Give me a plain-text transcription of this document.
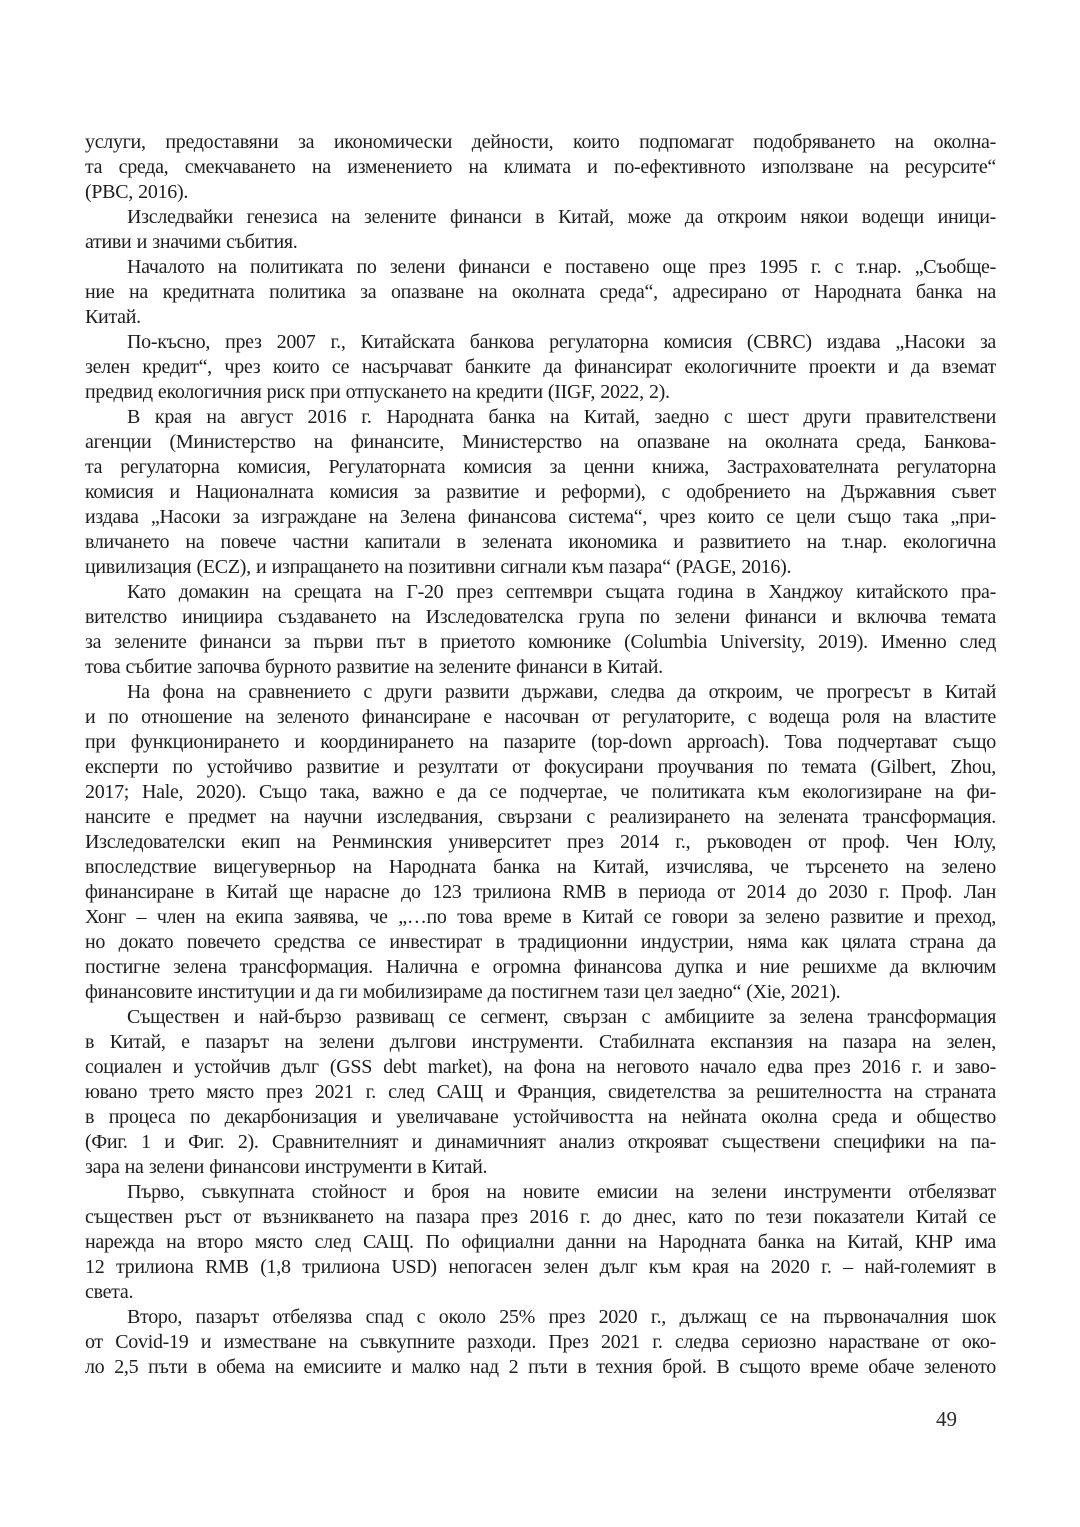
услуги, предоставяни за икономически дейности, които подпомагат подобряването на околна-
та среда, смекчаването на изменението на климата и по-ефективното използване на ресурсите“
(PBC, 2016).
Изследвайки генезиса на зелените финанси в Китай, може да откроим някои водещи иници-
ативи и значими събития.
Началото на политиката по зелени финанси е поставено още през 1995 г. с т.нар. „Съобще-
ние на кредитната политика за опазване на околната среда“, адресирано от Народната банка на
Китай.
По-късно, през 2007 г., Китайската банкова регулаторна комисия (CBRC) издава „Насоки за
зелен кредит“, чрез които се насърчават банките да финансират екологичните проекти и да вземат
предвид екологичния риск при отпускането на кредити (IIGF, 2022, 2).
В края на август 2016 г. Народната банка на Китай, заедно с шест други правителствени
агенции (Министерство на финансите, Министерство на опазване на околната среда, Банкова-
та регулаторна комисия, Регулаторната комисия за ценни книжа, Застрахователната регулаторна
комисия и Националната комисия за развитие и реформи), с одобрението на Държавния съвет
издава „Насоки за изграждане на Зелена финансова система“, чрез които се цели също така „при-
вличането на повече частни капитали в зелената икономика и развитието на т.нар. екологична
цивилизация (ECZ), и изпращането на позитивни сигнали към пазара“ (PAGE, 2016).
Като домакин на срещата на Г-20 през септември същата година в Ханджоу китайското пра-
вителство инициира създаването на Изследователска група по зелени финанси и включва темата
за зелените финанси за първи път в приетото комюнике (Columbia University, 2019). Именно след
това събитие започва бурното развитие на зелените финанси в Китай.
На фона на сравнението с други развити държави, следва да откроим, че прогресът в Китай
и по отношение на зеленото финансиране е насочван от регулаторите, с водеща роля на властите
при функционирането и координирането на пазарите (top-down approach). Това подчертават също
експерти по устойчиво развитие и резултати от фокусирани проучвания по темата (Gilbert, Zhou,
2017; Hale, 2020). Също така, важно е да се подчертае, че политиката към екологизиране на фи-
нансите е предмет на научни изследвания, свързани с реализирането на зелената трансформация.
Изследователски екип на Ренминския университет през 2014 г., ръководен от проф. Чен Юлу,
впоследствие вицегуверньор на Народната банка на Китай, изчислява, че търсенето на зелено
финансиране в Китай ще нарасне до 123 трилиона RMB в периода от 2014 до 2030 г. Проф. Лан
Хонг – член на екипа заявява, че „…по това време в Китай се говори за зелено развитие и преход,
но докато повечето средства се инвестират в традиционни индустрии, няма как цялата страна да
постигне зелена трансформация. Налична е огромна финансова дупка и ние решихме да включим
финансовите институции и да ги мобилизираме да постигнем тази цел заедно“ (Xie, 2021).
Съществен и най-бързо развиващ се сегмент, свързан с амбициите за зелена трансформация
в Китай, е пазарът на зелени дългови инструменти. Стабилната експанзия на пазара на зелен,
социален и устойчив дълг (GSS debt market), на фона на неговото начало едва през 2016 г. и заво-
ювано трето място през 2021 г. след САЩ и Франция, свидетелства за решителността на страната
в процеса по декарбонизация и увеличаване устойчивостта на нейната околна среда и общество
(Фиг. 1 и Фиг. 2). Сравнителният и динамичният анализ открояват съществени специфики на па-
зара на зелени финансови инструменти в Китай.
Първо, съвкупната стойност и броя на новите емисии на зелени инструменти отбелязват
съществен ръст от възникването на пазара през 2016 г. до днес, като по тези показатели Китай се
нарежда на второ място след САЩ. По официални данни на Народната банка на Китай, КНР има
12 трилиона RMB (1,8 трилиона USD) непогасен зелен дълг към края на 2020 г. – най-големият в
света.
Второ, пазарът отбелязва спад с около 25% през 2020 г., дължащ се на първоначалния шок
от Covid-19 и изместване на съвкупните разходи. През 2021 г. следва сериозно нарастване от око-
ло 2,5 пъти в обема на емисиите и малко над 2 пъти в техния брой. В същото време обаче зеленото
49
